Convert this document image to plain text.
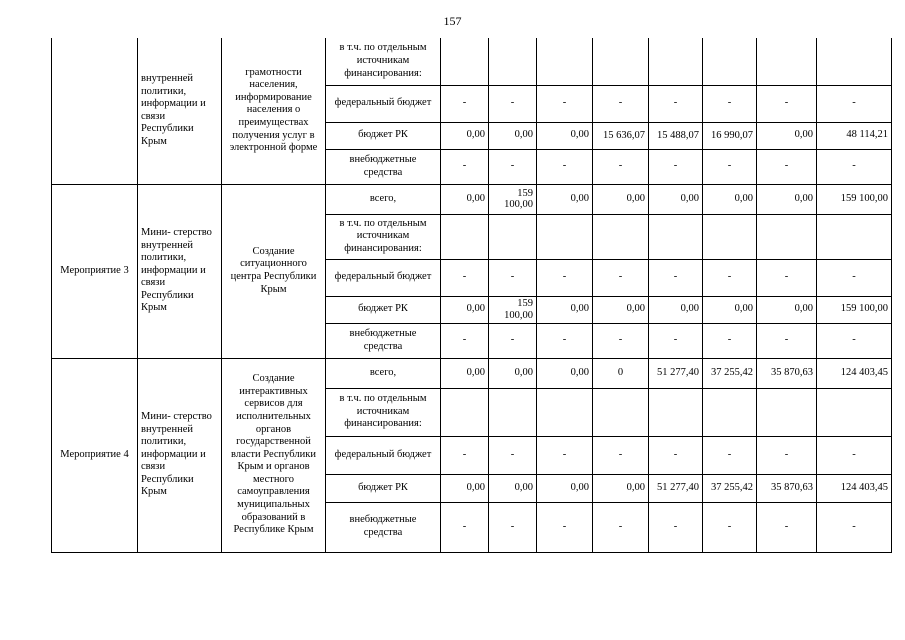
157
	внутренней политики, информации и связи Республики Крым	грамотности населения, информирование населения о преимуществах получения услуг в электронной форме	в т.ч. по отдельным источникам финансирования:								
			федеральный бюджет	-	-	-	-	-	-	-	-
			бюджет РК	0,00	0,00	0,00	15 636,07	15 488,07	16 990,07	0,00	48 114,21
			внебюджетные средства	-	-	-	-	-	-	-	-

Мероприятие 3	Мини- стерство внутренней политики, информации и связи Республики Крым	Создание ситуационного центра Республики Крым	всего,	0,00	159 100,00	0,00	0,00	0,00	0,00	0,00	159 100,00
			в т.ч. по отдельным источникам финансирования:								
			федеральный бюджет	-	-	-	-	-	-	-	-
			бюджет РК	0,00	159 100,00	0,00	0,00	0,00	0,00	0,00	159 100,00
			внебюджетные средства	-	-	-	-	-	-	-	-
Мероприятие 4	Мини- стерство внутренней политики, информации и связи Республики Крым	Создание интерактивных сервисов для исполнительных органов государственной власти Республики Крым и органов местного самоуправления муниципальных образований в Республике Крым	всего,	0,00	0,00	0,00	0	51 277,40	37 255,42	35 870,63	124 403,45
			в т.ч. по отдельным источникам финансирования:								
			федеральный бюджет	-	-	-	-	-	-	-	-
			бюджет РК	0,00	0,00	0,00	0,00	51 277,40	37 255,42	35 870,63	124 403,45
			внебюджетные средства	-	-	-	-	-	-	-	-
